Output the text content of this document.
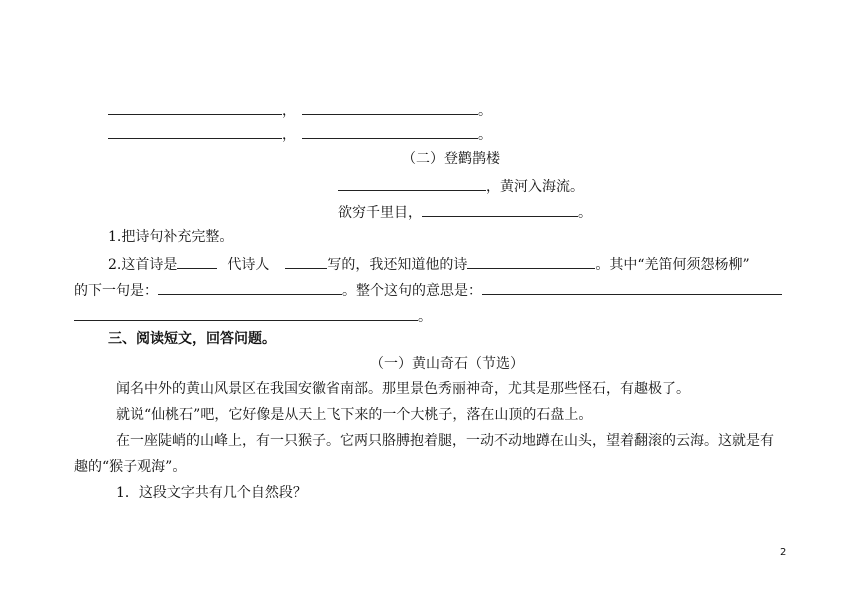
，	。
，	。
（二）登鹳鹊楼
，黄河入海流。
欲穷千里目，	。
1.把诗句补充完整。
2.这首诗是	代诗人	写的，我还知道他的诗	。其中“羌笛何须怨杨柳”
的下一句是：	。整个这句的意思是：
。
三、阅读短文，回答问题。
（一）黄山奇石（节选）
闻名中外的黄山风景区在我国安徽省南部。那里景色秀丽神奇，尤其是那些怪石，有趣极了。
就说“仙桃石”吧，它好像是从天上飞下来的一个大桃子，落在山顶的石盘上。
在一座陡峭的山峰上，有一只猴子。它两只胳膊抱着腿，一动不动地蹲在山头，望着翻滚的云海。这就是有
趣的“猴子观海”。
1．这段文字共有几个自然段？
2
